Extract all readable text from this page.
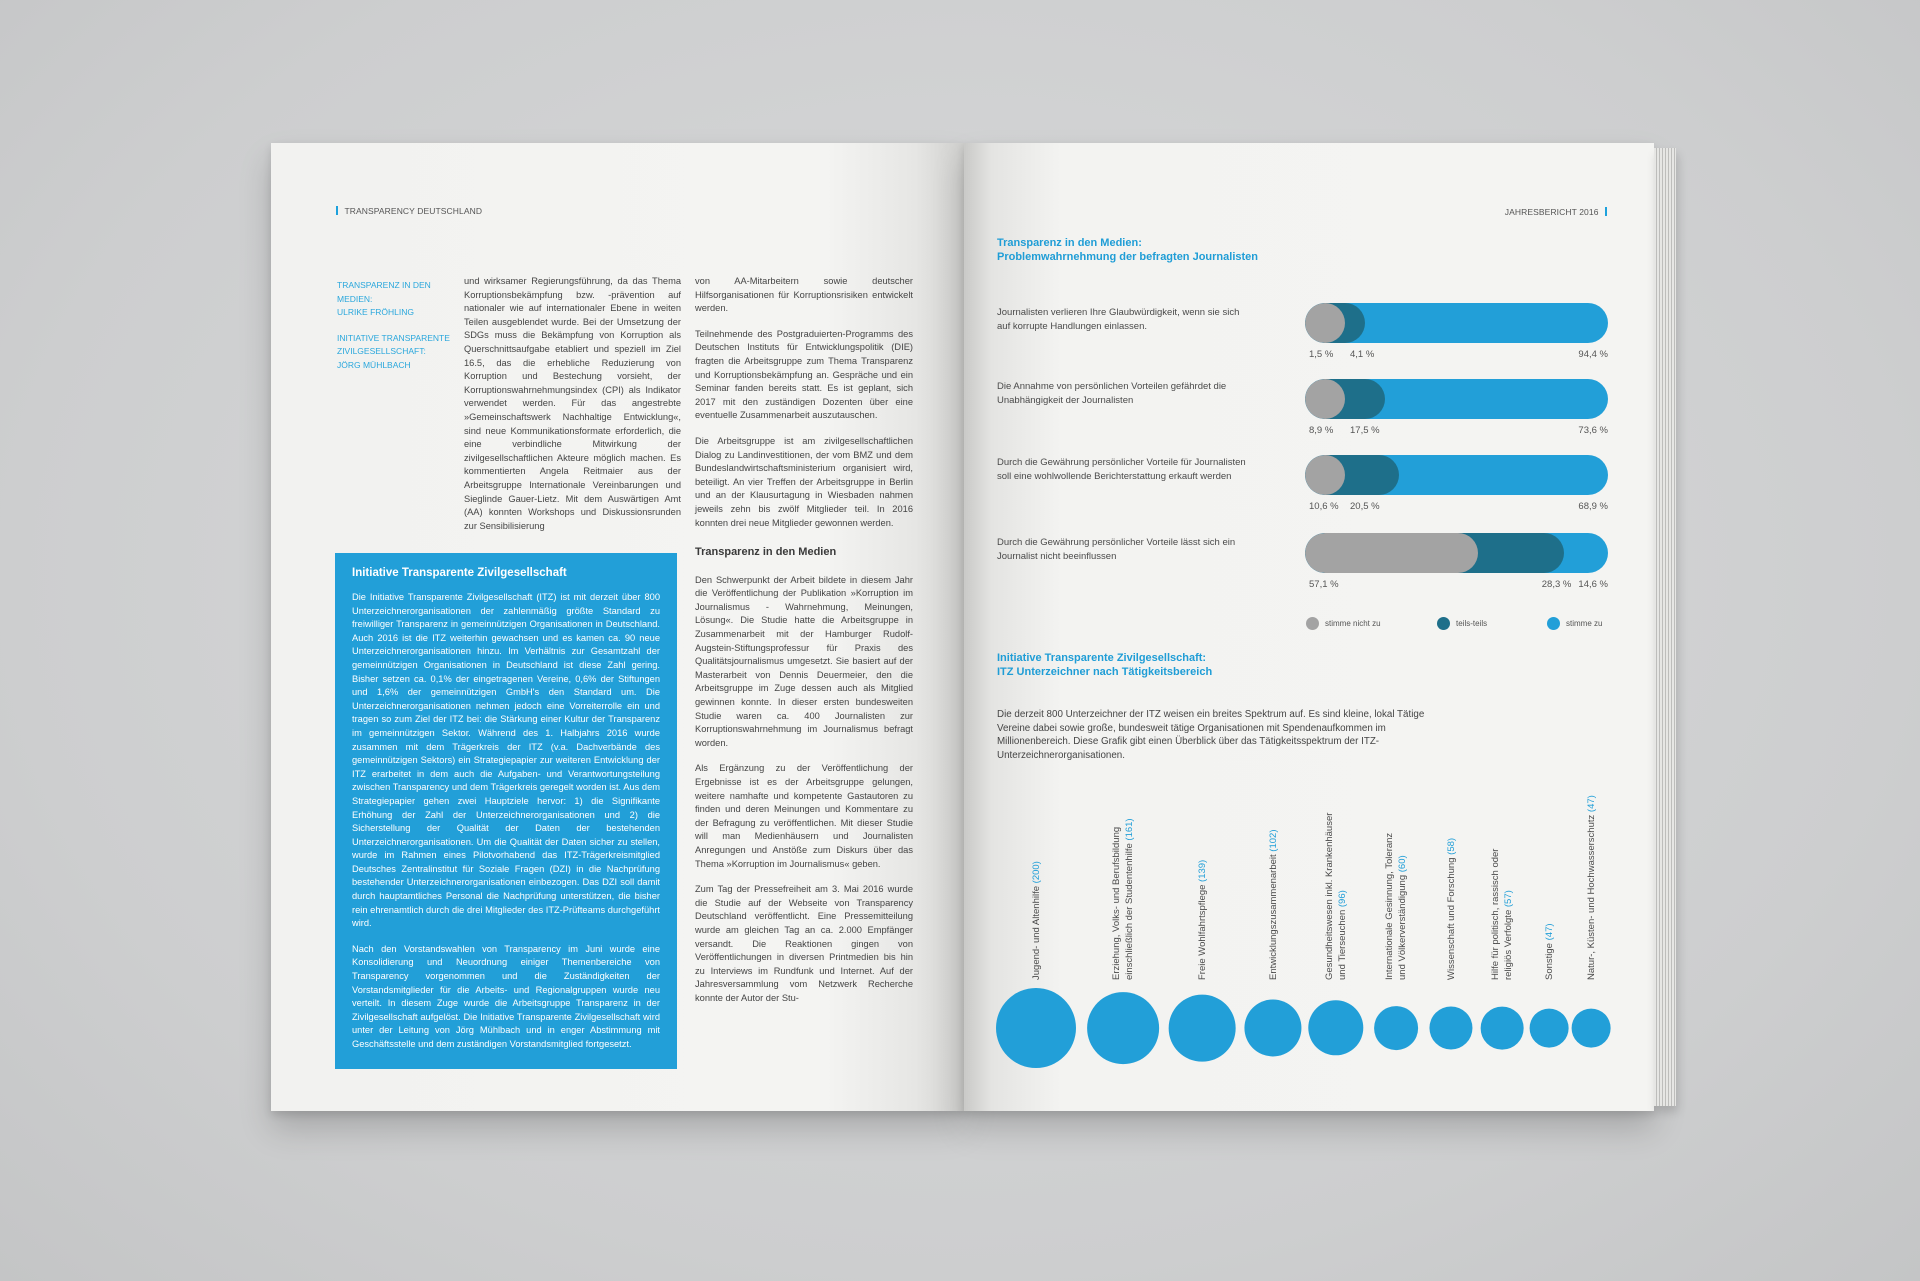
TRANSPARENCY DEUTSCHLAND
TRANSPARENZ IN DEN MEDIEN:
ULRIKE FRÖHLING
INITIATIVE TRANSPARENTE
ZIVILGESELLSCHAFT:
JÖRG MÜHLBACH

und wirksamer Regierungsführung, da das Thema Korruptionsbekämpfung bzw. -prävention auf nationaler wie auf internationaler Ebene in weiten Teilen ausgeblendet wurde. Bei der Umsetzung der SDGs muss die Bekämpfung von Korruption als Querschnittsaufgabe etabliert und speziell im Ziel 16.5, das die erhebliche Reduzierung von Korruption und Bestechung vorsieht, der Korruptionswahrnehmungsindex (CPI) als Indikator verwendet werden. Für das angestrebte »Gemeinschaftswerk Nachhaltige Entwicklung«, sind neue Kommunikationsformate erforderlich, die eine verbindliche Mitwirkung der zivilgesellschaftlichen Akteure möglich machen. Es kommentierten Angela Reitmaier aus der Arbeitsgruppe Internationale Vereinbarungen und Sieglinde Gauer-Lietz. Mit dem Auswärtigen Amt (AA) konnten Workshops und Diskussionsrunden zur Sensibilisierung

Initiative Transparente Zivilgesellschaft

Die Initiative Transparente Zivilgesellschaft (ITZ) ist mit derzeit über 800 Unterzeichnerorganisationen der zahlenmäßig größte Standard zu freiwilliger Transparenz in gemeinnützigen Organisationen in Deutschland. Auch 2016 ist die ITZ weiterhin gewachsen und es kamen ca. 90 neue Unterzeichnerorganisationen hinzu. Im Verhältnis zur Gesamtzahl der gemeinnützigen Organisationen in Deutschland ist diese Zahl gering. Bisher setzen ca. 0,1% der eingetragenen Vereine, 0,6% der Stiftungen und 1,6% der gemeinnützigen GmbH's den Standard um. Die Unterzeichnerorganisationen nehmen jedoch eine Vorreiterrolle ein und tragen so zum Ziel der ITZ bei: die Stärkung einer Kultur der Transparenz im gemeinnützigen Sektor. Während des 1. Halbjahrs 2016 wurde zusammen mit dem Trägerkreis der ITZ (v.a. Dachverbände des gemeinnützigen Sektors) ein Strategiepapier zur weiteren Entwicklung der ITZ erarbeitet in dem auch die Aufgaben- und Verantwortungsteilung zwischen Transparency und dem Trägerkreis geregelt worden ist. Aus dem Strategiepapier gehen zwei Hauptziele hervor: 1) die Signifikante Erhöhung der Zahl der Unterzeichnerorganisationen und 2) die Sicherstellung der Qualität der Daten der bestehenden Unterzeichnerorganisationen. Um die Qualität der Daten sicher zu stellen, wurde im Rahmen eines Pilotvorhabend das ITZ-Trägerkreismitglied Deutsches Zentralinstitut für Soziale Fragen (DZI) in die Nachprüfung bestehender Unterzeichnerorganisationen einbezogen. Das DZI soll damit durch hauptamtliches Personal die Nachprüfung unterstützen, die bisher rein ehrenamtlich durch die drei Mitglieder des ITZ-Prüfteams durchgeführt wird.

Nach den Vorstandswahlen von Transparency im Juni wurde eine Konsolidierung und Neuordnung einiger Themenbereiche von Transparency vorgenommen und die Zuständigkeiten der Vorstandsmitglieder für die Arbeits- und Regionalgruppen wurde neu verteilt. In diesem Zuge wurde die Arbeitsgruppe Transparenz in der Zivilgesellschaft aufgelöst. Die Initiative Transparente Zivilgesellschaft wird unter der Leitung von Jörg Mühlbach und in enger Abstimmung mit Geschäftsstelle und dem zuständigen Vorstandsmitglied fortgesetzt.

von AA-Mitarbeitern sowie deutscher Hilfsorganisationen für Korruptionsrisiken entwickelt werden.

Teilnehmende des Postgraduierten-Programms des Deutschen Instituts für Entwicklungspolitik (DIE) fragten die Arbeitsgruppe zum Thema Transparenz und Korruptionsbekämpfung an. Gespräche und ein Seminar fanden bereits statt. Es ist geplant, sich 2017 mit den zuständigen Dozenten über eine eventuelle Zusammenarbeit auszutauschen.

Die Arbeitsgruppe ist am zivilgesellschaftlichen Dialog zu Landinvestitionen, der vom BMZ und dem Bundeslandwirtschaftsministerium organisiert wird, beteiligt. An vier Treffen der Arbeitsgruppe in Berlin und an der Klausurtagung in Wiesbaden nahmen jeweils zehn bis zwölf Mitglieder teil. In 2016 konnten drei neue Mitglieder gewonnen werden.

Transparenz in den Medien

Den Schwerpunkt der Arbeit bildete in diesem Jahr die Veröffentlichung der Publikation »Korruption im Journalismus - Wahrnehmung, Meinungen, Lösung«. Die Studie hatte die Arbeitsgruppe in Zusammenarbeit mit der Hamburger Rudolf-Augstein-Stiftungsprofessur für Praxis des Qualitätsjournalismus umgesetzt. Sie basiert auf der Masterarbeit von Dennis Deuermeier, den die Arbeitsgruppe im Zuge dessen auch als Mitglied gewinnen konnte. In dieser ersten bundesweiten Studie waren ca. 400 Journalisten zur Korruptionswahrnehmung im Journalismus befragt worden.

Als Ergänzung zu der Veröffentlichung der Ergebnisse ist es der Arbeitsgruppe gelungen, weitere namhafte und kompetente Gastautoren zu finden und deren Meinungen und Kommentare zu der Befragung zu veröffentlichen. Mit dieser Studie will man Medienhäusern und Journalisten Anregungen und Anstöße zum Diskurs über das Thema »Korruption im Journalismus« geben.

Zum Tag der Pressefreiheit am 3. Mai 2016 wurde die Studie auf der Webseite von Transparency Deutschland veröffentlicht. Eine Pressemitteilung wurde am gleichen Tag an ca. 2.000 Empfänger versandt. Die Reaktionen gingen von Veröffentlichungen in diversen Printmedien bis hin zu Interviews im Rundfunk und Internet. Auf der Jahresversammlung vom Netzwerk Recherche konnte der Autor der Stu-

JAHRESBERICHT 2016
Transparenz in den Medien:
Problemwahrnehmung der befragten Journalisten
Journalisten verlieren Ihre Glaubwürdigkeit, wenn sie sich auf korrupte Handlungen einlassen.
Die Annahme von persönlichen Vorteilen gefährdet die Unabhängigkeit der Journalisten
Durch die Gewährung persönlicher Vorteile für Journalisten soll eine wohlwollende Berichterstattung erkauft werden
Durch die Gewährung persönlicher Vorteile lässt sich ein Journalist nicht beeinflussen
1,5 % 4,1 %	94,4 %
8,9 % 17,5 %	73,6 %
10,6 % 20,5 %	68,9 %
57,1 %	28,3 % 14,6 %
stimme nicht zu	teils-teils	stimme zu
Initiative Transparente Zivilgesellschaft:
ITZ Unterzeichner nach Tätigkeitsbereich
Die derzeit 800 Unterzeichner der ITZ weisen ein breites Spektrum auf. Es sind kleine, lokal Tätige Vereine dabei sowie große, bundesweit tätige Organisationen mit Spendenaufkommen im Millionenbereich. Diese Grafik gibt einen Überblick über das Tätigkeitsspektrum der ITZ-Unterzeichnerorganisationen.
Jugend- und Altenhilfe (200)	Erziehung, Volks- und Berufsbildung einschließlich der Studentenhilfe (161)
Freie Wohlfahrtspflege (139)	Entwicklungszusammenarbeit (102)	Gesundheitswesen inkl. Krankenhäuser und Tierseuchen (96)	Internationale Gesinnung, Toleranz und Völkerverständigung (60)	Wissenschaft und Forschung (58)
Hilfe für politisch, rassisch oder religiös Verfolgte (57)
Sonstige (47)	Natur-, Küsten- und Hochwasserschutz (47)
